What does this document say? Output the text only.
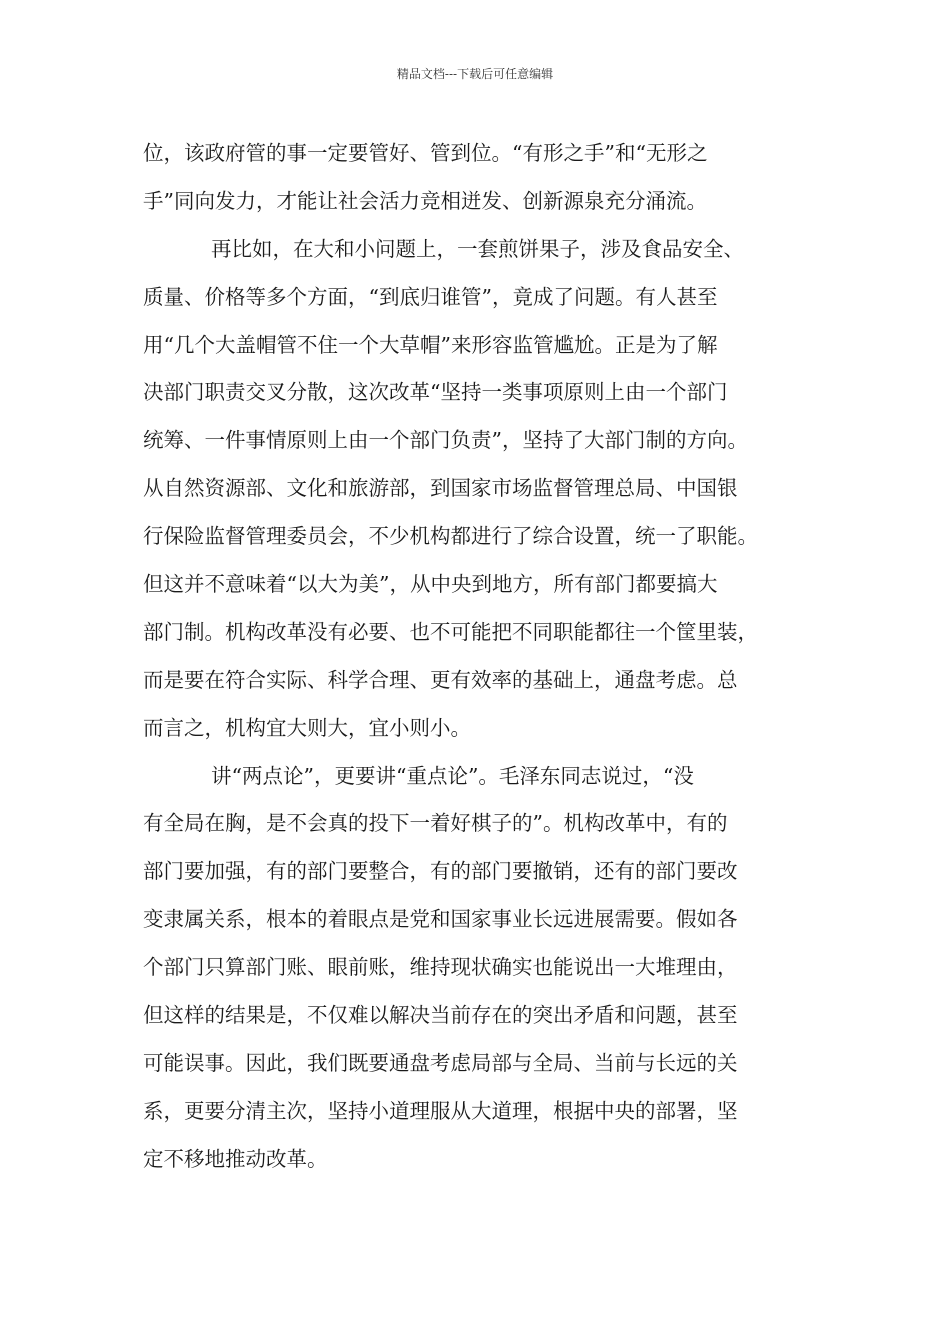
精品文档---下载后可任意编辑
位，该政府管的事一定要管好、管到位。“有形之手”和“无形之
手”同向发力，才能让社会活力竞相迸发、创新源泉充分涌流。
再比如，在大和小问题上，一套煎饼果子，涉及食品安全、
质量、价格等多个方面，“到底归谁管”，竟成了问题。有人甚至
用“几个大盖帽管不住一个大草帽”来形容监管尴尬。正是为了解
决部门职责交叉分散，这次改革“坚持一类事项原则上由一个部门
统筹、一件事情原则上由一个部门负责”，坚持了大部门制的方向。
从自然资源部、文化和旅游部，到国家市场监督管理总局、中国银
行保险监督管理委员会，不少机构都进行了综合设置，统一了职能。
但这并不意味着“以大为美”，从中央到地方，所有部门都要搞大
部门制。机构改革没有必要、也不可能把不同职能都往一个筐里装，
而是要在符合实际、科学合理、更有效率的基础上，通盘考虑。总
而言之，机构宜大则大，宜小则小。
讲“两点论”，更要讲“重点论”。毛泽东同志说过，“没
有全局在胸，是不会真的投下一着好棋子的”。机构改革中，有的
部门要加强，有的部门要整合，有的部门要撤销，还有的部门要改
变隶属关系，根本的着眼点是党和国家事业长远进展需要。假如各
个部门只算部门账、眼前账，维持现状确实也能说出一大堆理由，
但这样的结果是，不仅难以解决当前存在的突出矛盾和问题，甚至
可能误事。因此，我们既要通盘考虑局部与全局、当前与长远的关
系，更要分清主次，坚持小道理服从大道理，根据中央的部署，坚
定不移地推动改革。
